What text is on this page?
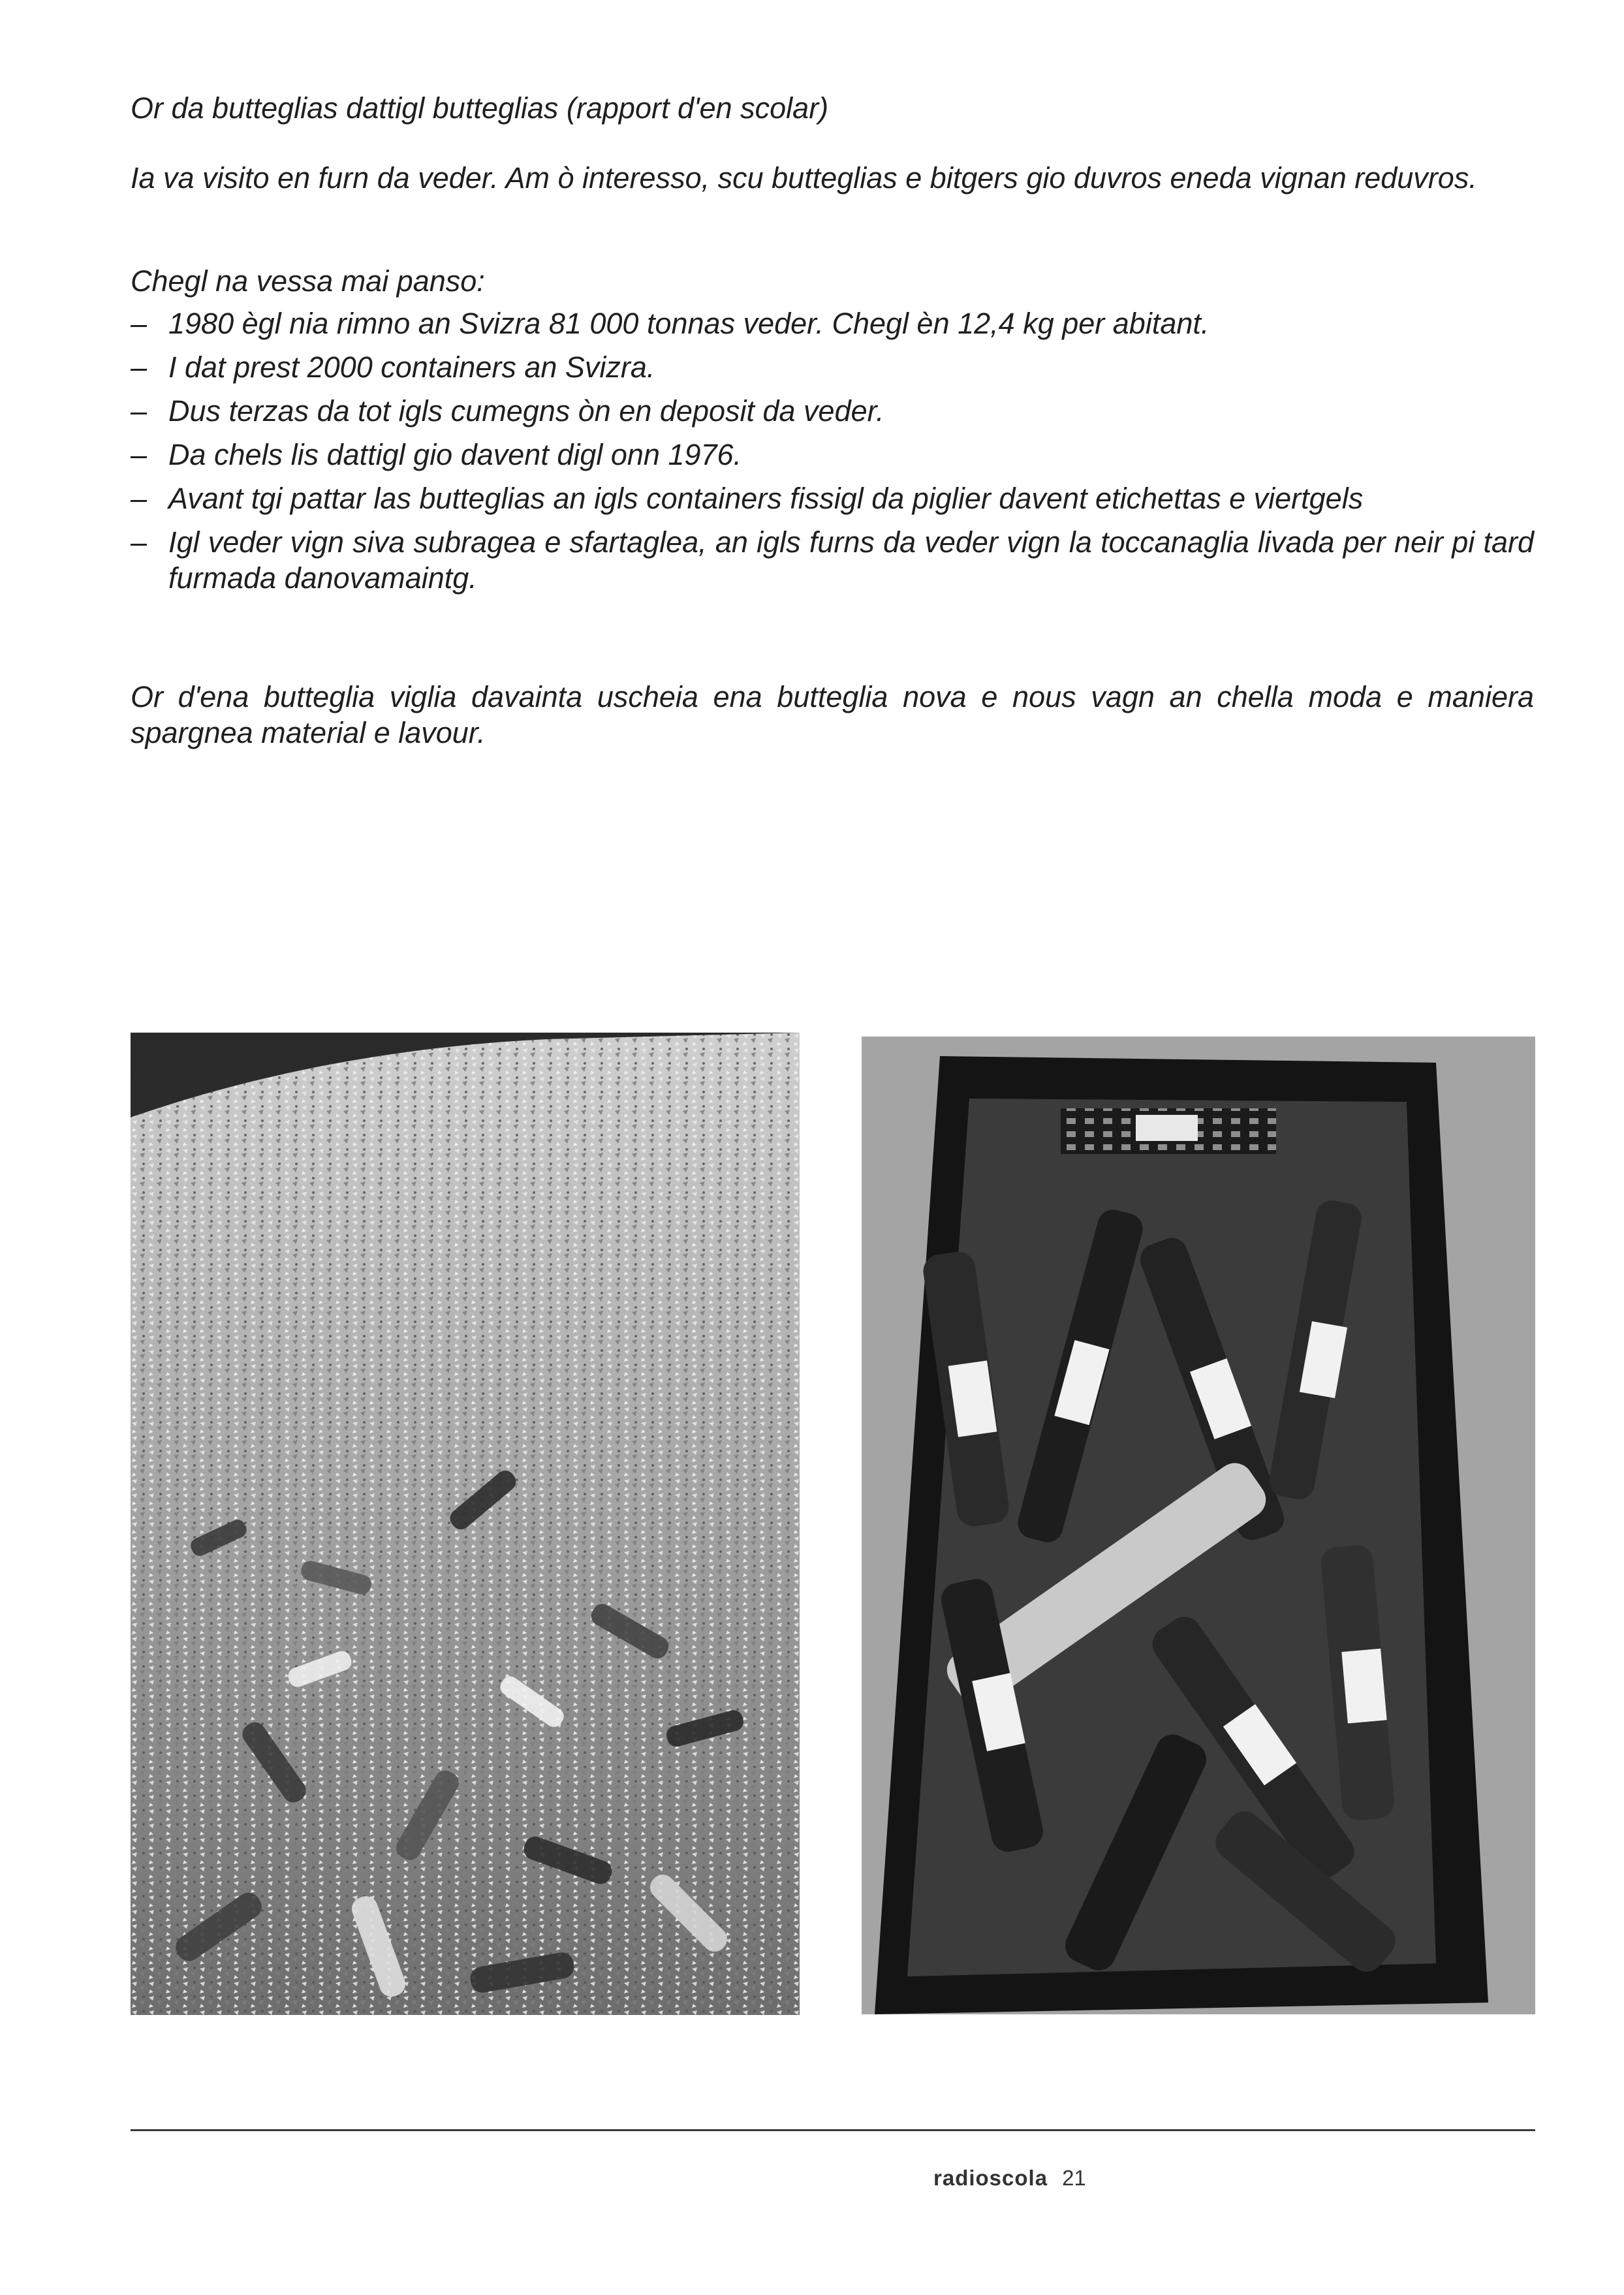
Or da butteglias dattigl butteglias (rapport d'en scolar)
Ia va visito en furn da veder. Am ò interesso, scu butteglias e bitgers gio duvros eneda vignan reduvros.
Chegl na vessa mai panso:
– 1980 ègl nia rimno an Svizra 81 000 tonnas veder. Chegl èn 12,4 kg per abitant.
– I dat prest 2000 containers an Svizra.
– Dus terzas da tot igls cumegns òn en deposit da veder.
– Da chels lis dattigl gio davent digl onn 1976.
– Avant tgi pattar las butteglias an igls containers fissigl da piglier davent etichettas e viertgels
– Igl veder vign siva subragea e sfartaglea, an igls furns da veder vign la toccanaglia livada per neir pi tard furmada danovamaintg.
Or d'ena butteglia viglia davainta uscheia ena butteglia nova e nous vagn an chella moda e maniera spargnea material e lavour.
radioscola 21
